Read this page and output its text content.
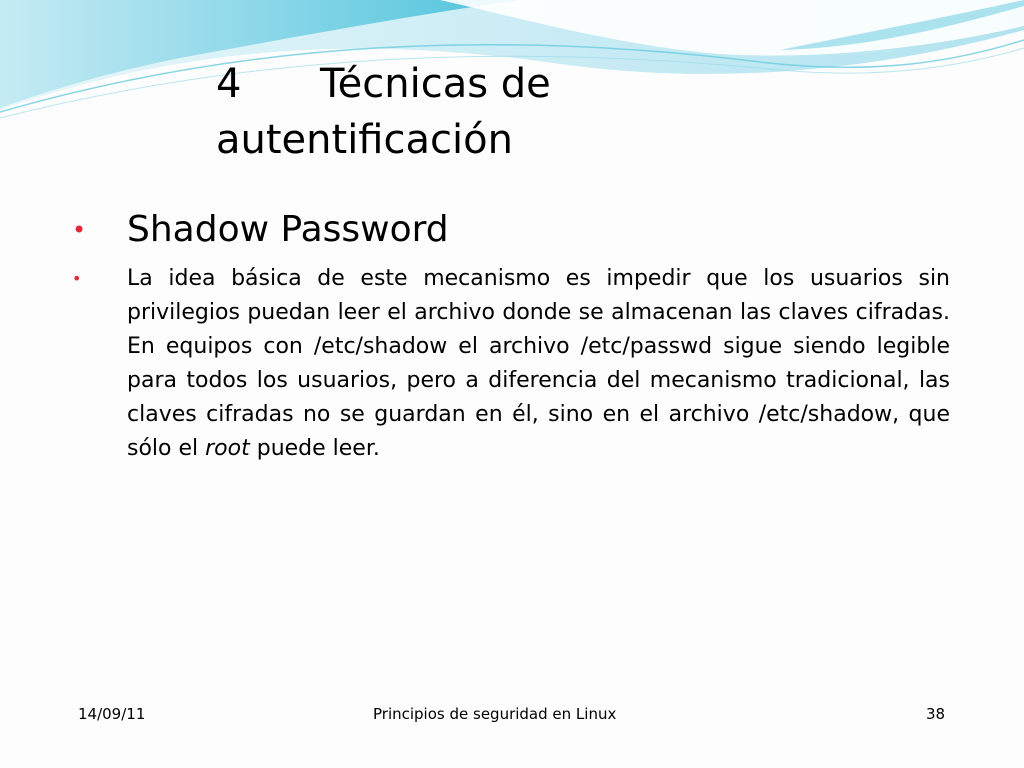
4 Técnicas de
autentificación
• Shadow Password
• La idea básica de este mecanismo es impedir que los usuarios sin privilegios puedan leer el archivo donde se almacenan las claves cifradas. En equipos con /etc/shadow el archivo /etc/passwd sigue siendo legible para todos los usuarios, pero a diferencia del mecanismo tradicional, las claves cifradas no se guardan en él, sino en el archivo /etc/shadow, que sólo el root puede leer.
14/09/11	Principios de seguridad en Linux	38
